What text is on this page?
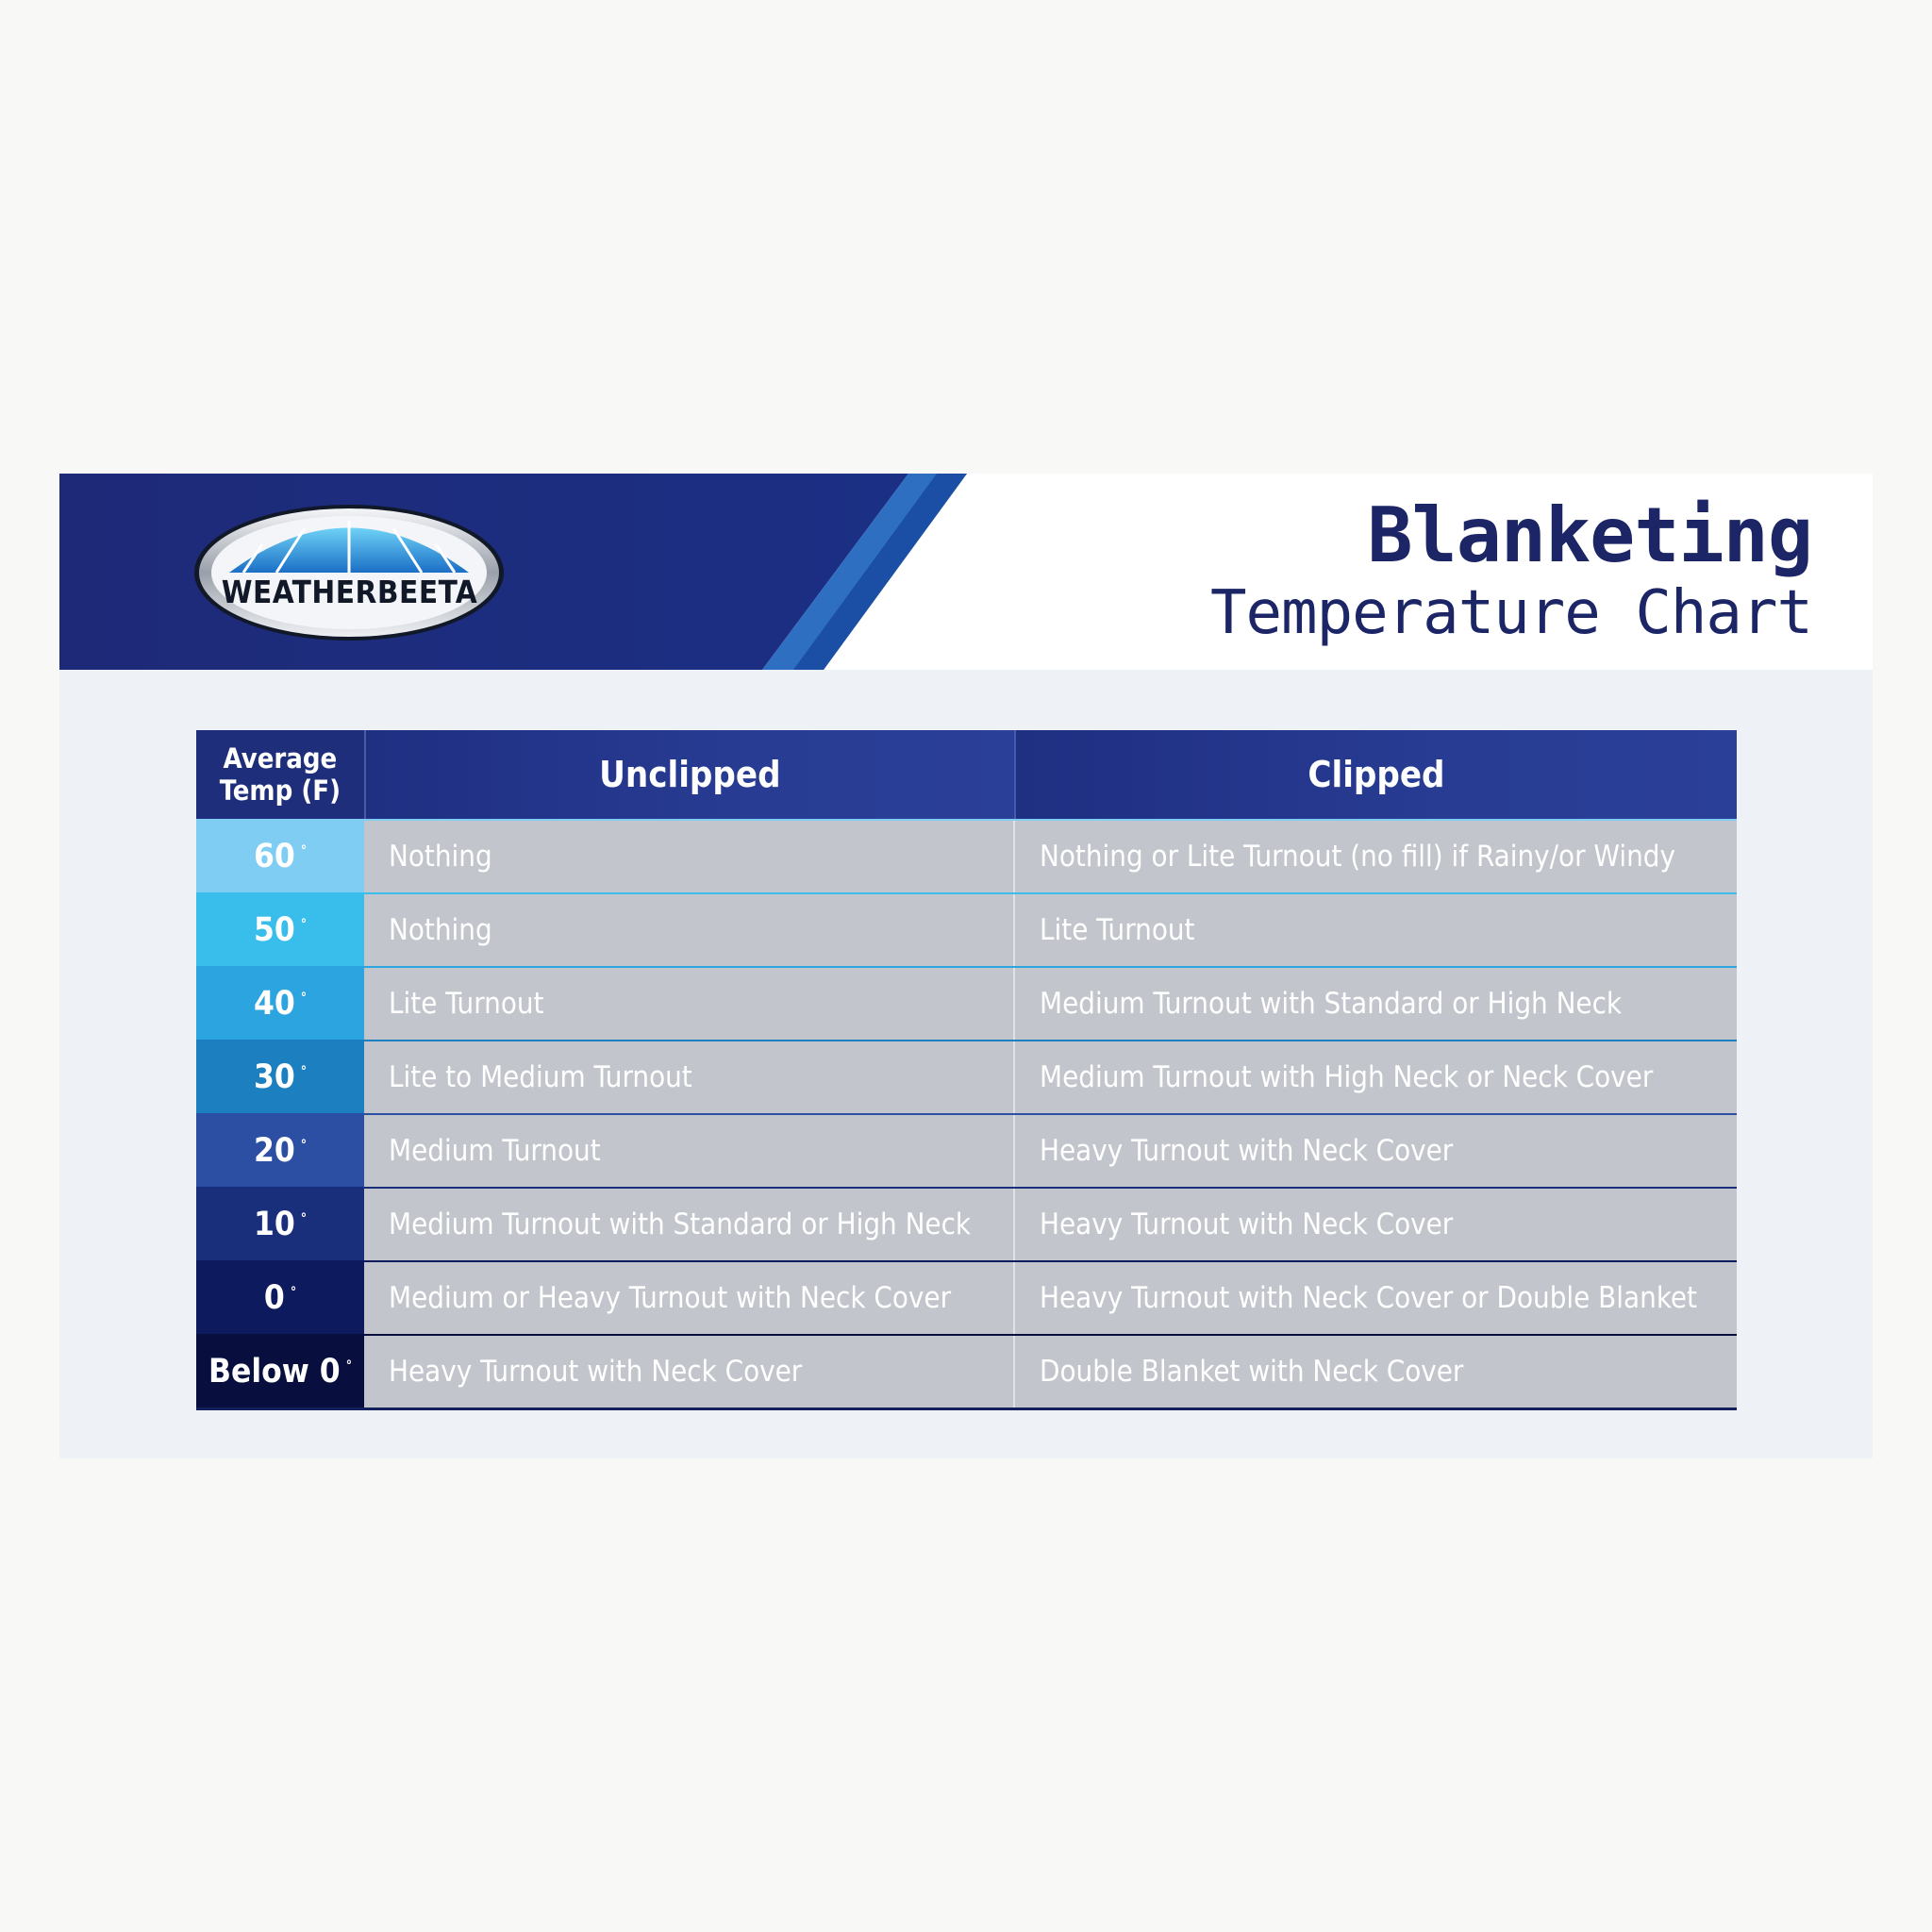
WEATHERBEETA
Blanketing
Temperature Chart
Average
Temp (F)	Unclipped	Clipped
60 °	Nothing	Nothing or Lite Turnout (no fill) if Rainy/or Windy
50 °	Nothing	Lite Turnout
40 °	Lite Turnout	Medium Turnout with Standard or High Neck
30 °	Lite to Medium Turnout	Medium Turnout with High Neck or Neck Cover
20 °	Medium Turnout	Heavy Turnout with Neck Cover
10 °	Medium Turnout with Standard or High Neck	Heavy Turnout with Neck Cover
0 °	Medium or Heavy Turnout with Neck Cover	Heavy Turnout with Neck Cover or Double Blanket
Below 0 °	Heavy Turnout with Neck Cover	Double Blanket with Neck Cover
